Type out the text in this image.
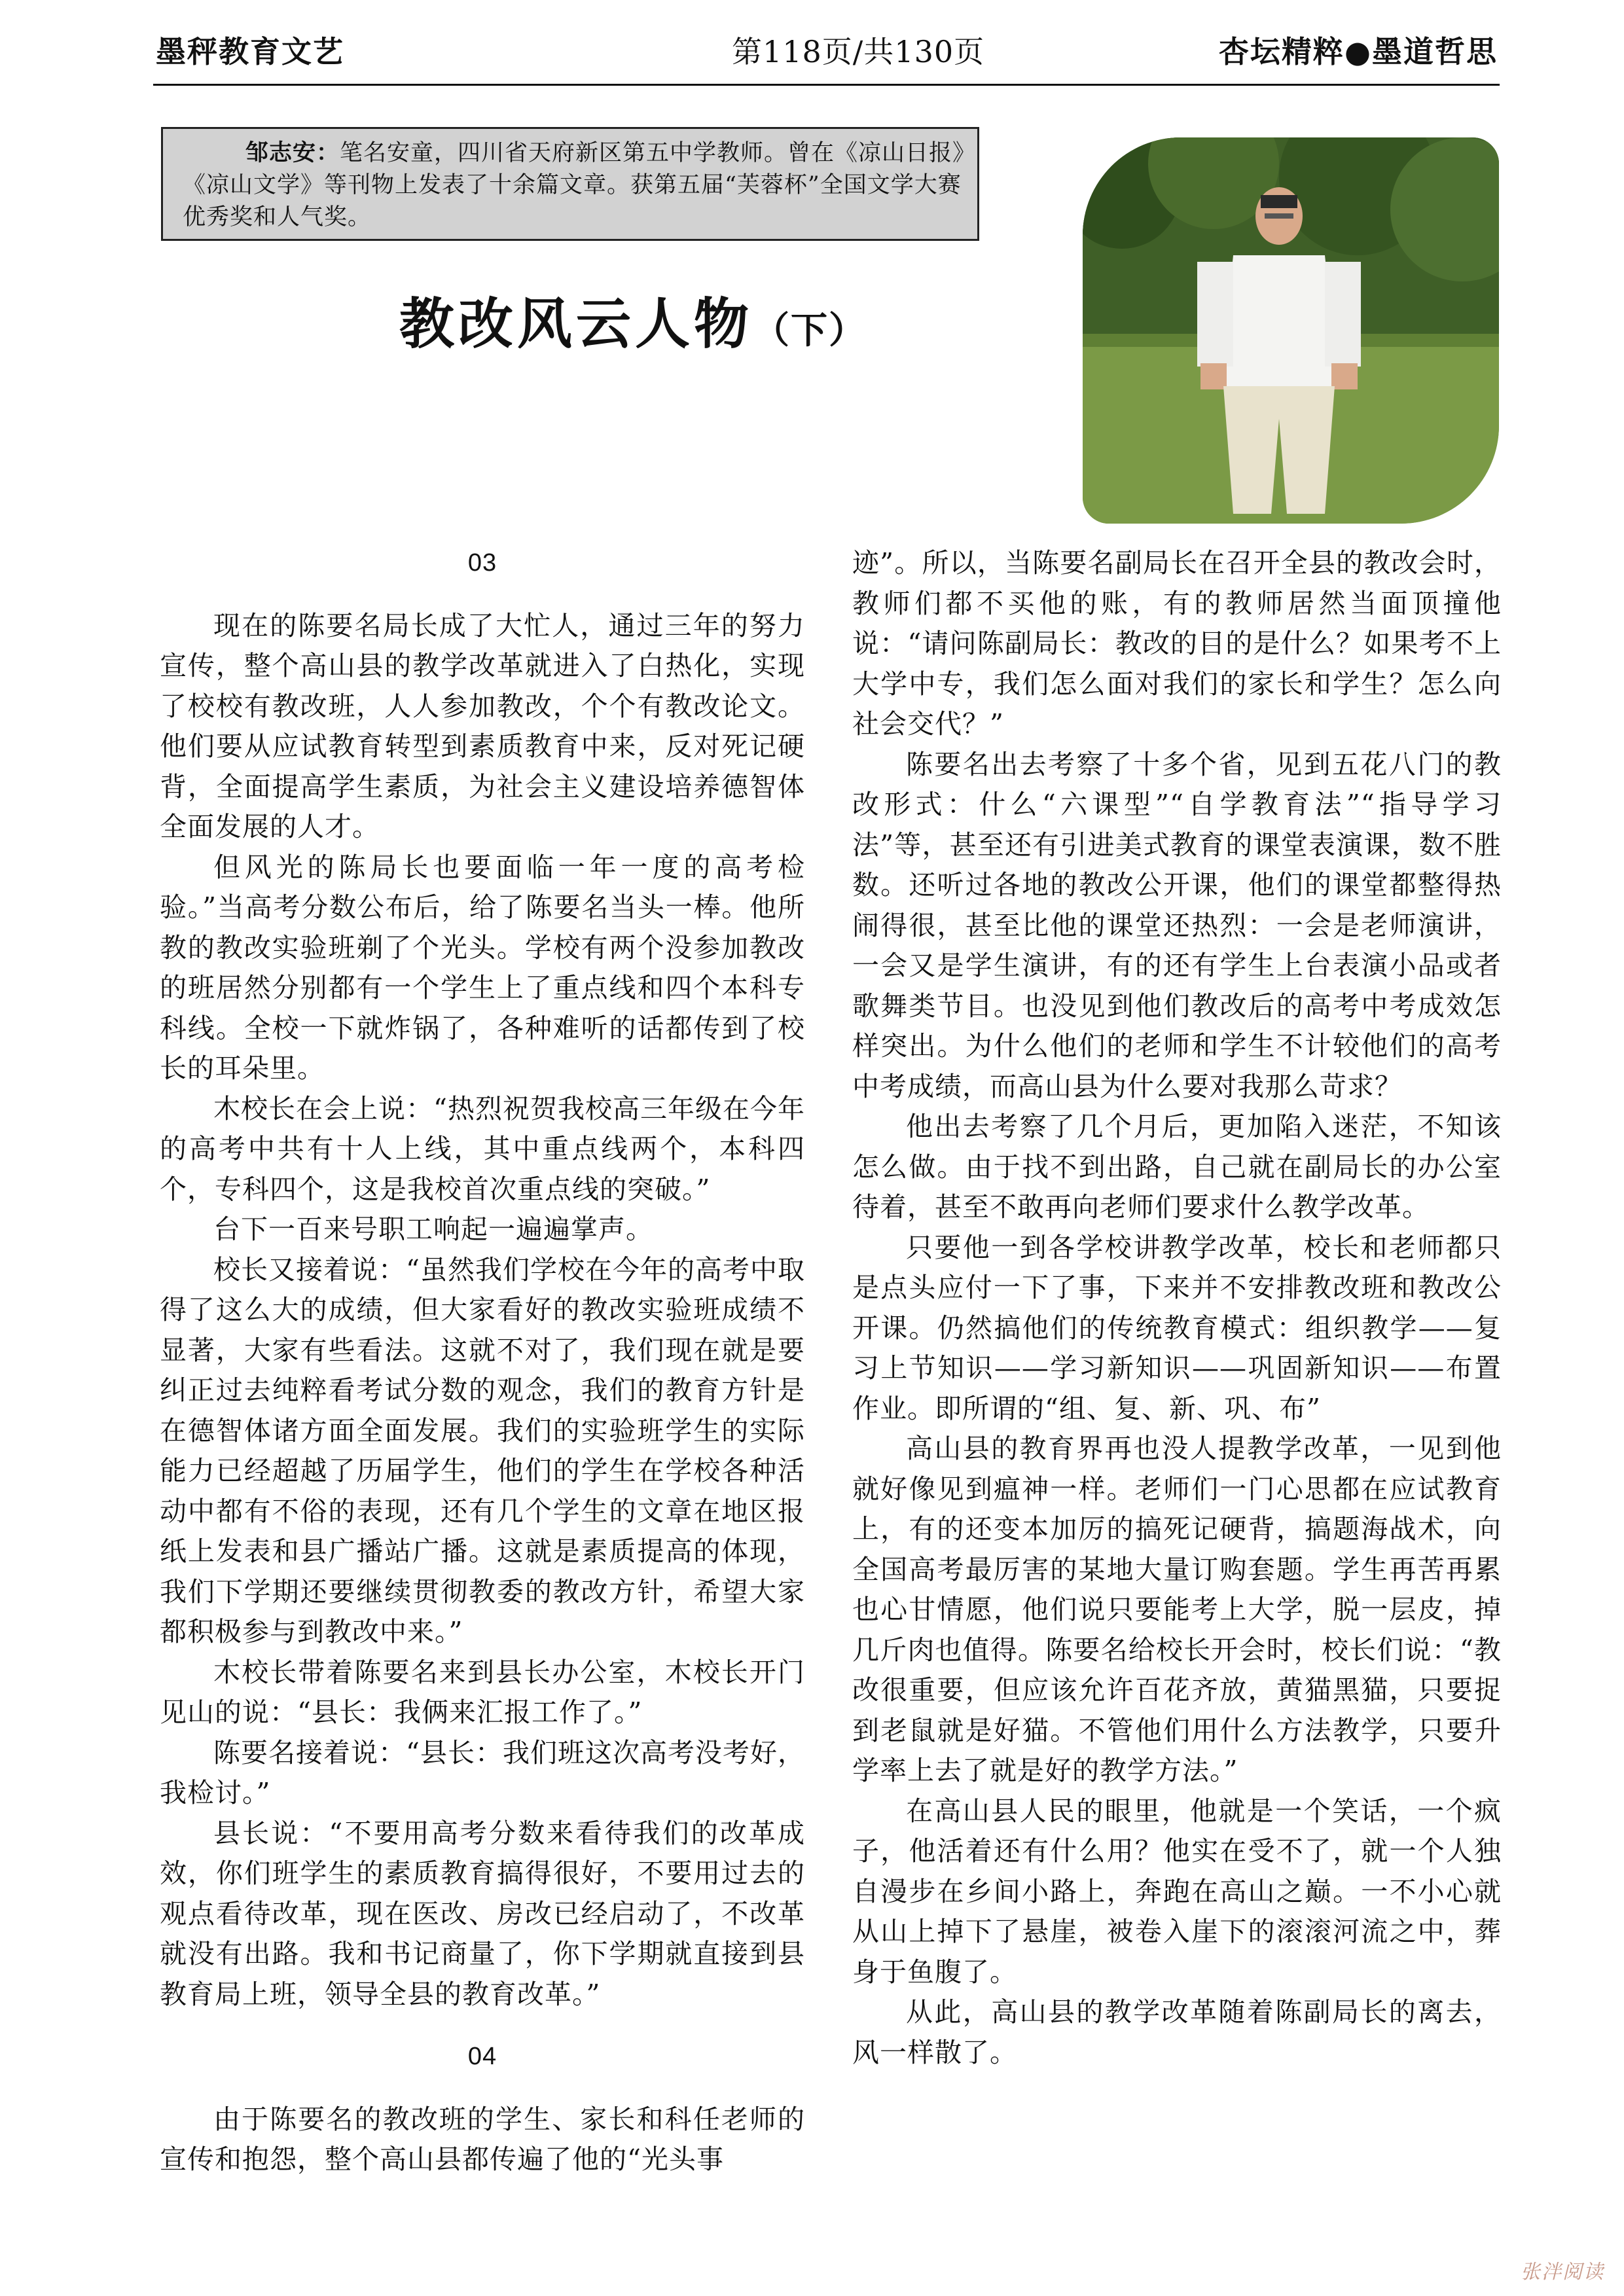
墨秤教育文艺	第118页/共130页	杏坛精粹●墨道哲思
邹志安：笔名安童，四川省天府新区第五中学教师。曾在《凉山日报》《凉山文学》等刊物上发表了十余篇文章。获第五届“芙蓉杯”全国文学大赛优秀奖和人气奖。
教改风云人物（下）
03

现在的陈要名局长成了大忙人，通过三年的努力宣传，整个高山县的教学改革就进入了白热化，实现了校校有教改班，人人参加教改，个个有教改论文。他们要从应试教育转型到素质教育中来，反对死记硬背，全面提高学生素质，为社会主义建设培养德智体全面发展的人才。

但风光的陈局长也要面临一年一度的高考检验。”当高考分数公布后，给了陈要名当头一棒。他所教的教改实验班剃了个光头。学校有两个没参加教改的班居然分别都有一个学生上了重点线和四个本科专科线。全校一下就炸锅了，各种难听的话都传到了校长的耳朵里。

木校长在会上说：“热烈祝贺我校高三年级在今年的高考中共有十人上线，其中重点线两个，本科四个，专科四个，这是我校首次重点线的突破。”

台下一百来号职工响起一遍遍掌声。

校长又接着说：“虽然我们学校在今年的高考中取得了这么大的成绩，但大家看好的教改实验班成绩不显著，大家有些看法。这就不对了，我们现在就是要纠正过去纯粹看考试分数的观念，我们的教育方针是在德智体诸方面全面发展。我们的实验班学生的实际能力已经超越了历届学生，他们的学生在学校各种活动中都有不俗的表现，还有几个学生的文章在地区报纸上发表和县广播站广播。这就是素质提高的体现，我们下学期还要继续贯彻教委的教改方针，希望大家都积极参与到教改中来。”

木校长带着陈要名来到县长办公室，木校长开门见山的说：“县长：我俩来汇报工作了。”

陈要名接着说：“县长：我们班这次高考没考好，我检讨。”

县长说：“不要用高考分数来看待我们的改革成效，你们班学生的素质教育搞得很好，不要用过去的观点看待改革，现在医改、房改已经启动了，不改革就没有出路。我和书记商量了，你下学期就直接到县教育局上班，领导全县的教育改革。”

04

由于陈要名的教改班的学生、家长和科任老师的宣传和抱怨，整个高山县都传遍了他的“光头事

迹”。所以，当陈要名副局长在召开全县的教改会时，教师们都不买他的账，有的教师居然当面顶撞他说：“请问陈副局长：教改的目的是什么？如果考不上大学中专，我们怎么面对我们的家长和学生？怎么向社会交代？”

陈要名出去考察了十多个省，见到五花八门的教改形式：什么“六课型”“自学教育法”“指导学习法”等，甚至还有引进美式教育的课堂表演课，数不胜数。还听过各地的教改公开课，他们的课堂都整得热闹得很，甚至比他的课堂还热烈：一会是老师演讲，一会又是学生演讲，有的还有学生上台表演小品或者歌舞类节目。也没见到他们教改后的高考中考成效怎样突出。为什么他们的老师和学生不计较他们的高考中考成绩，而高山县为什么要对我那么苛求？

他出去考察了几个月后，更加陷入迷茫，不知该怎么做。由于找不到出路，自己就在副局长的办公室待着，甚至不敢再向老师们要求什么教学改革。

只要他一到各学校讲教学改革，校长和老师都只是点头应付一下了事，下来并不安排教改班和教改公开课。仍然搞他们的传统教育模式：组织教学——复习上节知识——学习新知识——巩固新知识——布置作业。即所谓的“组、复、新、巩、布”

高山县的教育界再也没人提教学改革，一见到他就好像见到瘟神一样。老师们一门心思都在应试教育上，有的还变本加厉的搞死记硬背，搞题海战术，向全国高考最厉害的某地大量订购套题。学生再苦再累也心甘情愿，他们说只要能考上大学，脱一层皮，掉几斤肉也值得。陈要名给校长开会时，校长们说：“教改很重要，但应该允许百花齐放，黄猫黑猫，只要捉到老鼠就是好猫。不管他们用什么方法教学，只要升学率上去了就是好的教学方法。”

在高山县人民的眼里，他就是一个笑话，一个疯子，他活着还有什么用？他实在受不了，就一个人独自漫步在乡间小路上，奔跑在高山之巅。一不小心就从山上掉下了悬崖，被卷入崖下的滚滚河流之中，葬身于鱼腹了。

从此，高山县的教学改革随着陈副局长的离去，风一样散了。

张泮阅读
